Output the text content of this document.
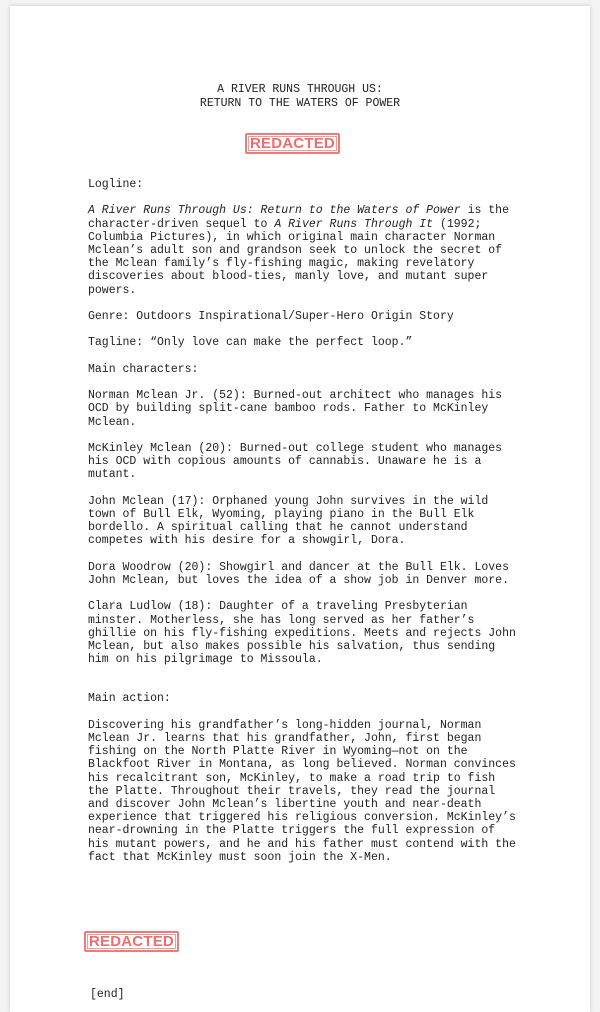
A RIVER RUNS THROUGH US:
RETURN TO THE WATERS OF POWER
REDACTED

Logline:

A River Runs Through Us: Return to the Waters of Power is the character-driven sequel to A River Runs Through It (1992; Columbia Pictures), in which original main character Norman Mclean’s adult son and grandson seek to unlock the secret of the Mclean family’s fly-fishing magic, making revelatory discoveries about blood-ties, manly love, and mutant super powers.

Genre: Outdoors Inspirational/Super-Hero Origin Story

Tagline: “Only love can make the perfect loop.”

Main characters:

Norman Mclean Jr. (52): Burned-out architect who manages his OCD by building split-cane bamboo rods. Father to McKinley Mclean.

McKinley Mclean (20): Burned-out college student who manages his OCD with copious amounts of cannabis. Unaware he is a mutant.

John Mclean (17): Orphaned young John survives in the wild town of Bull Elk, Wyoming, playing piano in the Bull Elk bordello. A spiritual calling that he cannot understand competes with his desire for a showgirl, Dora.

Dora Woodrow (20): Showgirl and dancer at the Bull Elk. Loves John Mclean, but loves the idea of a show job in Denver more.

Clara Ludlow (18): Daughter of a traveling Presbyterian minster. Motherless, she has long served as her father’s ghillie on his fly-fishing expeditions. Meets and rejects John Mclean, but also makes possible his salvation, thus sending him on his pilgrimage to Missoula.

Main action:

Discovering his grandfather’s long-hidden journal, Norman Mclean Jr. learns that his grandfather, John, first began fishing on the North Platte River in Wyoming—not on the Blackfoot River in Montana, as long believed. Norman convinces his recalcitrant son, McKinley, to make a road trip to fish the Platte. Throughout their travels, they read the journal and discover John Mclean’s libertine youth and near-death experience that triggered his religious conversion. McKinley’s near-drowning in the Platte triggers the full expression of his mutant powers, and he and his father must contend with the fact that McKinley must soon join the X-Men.

REDACTED
[end]
